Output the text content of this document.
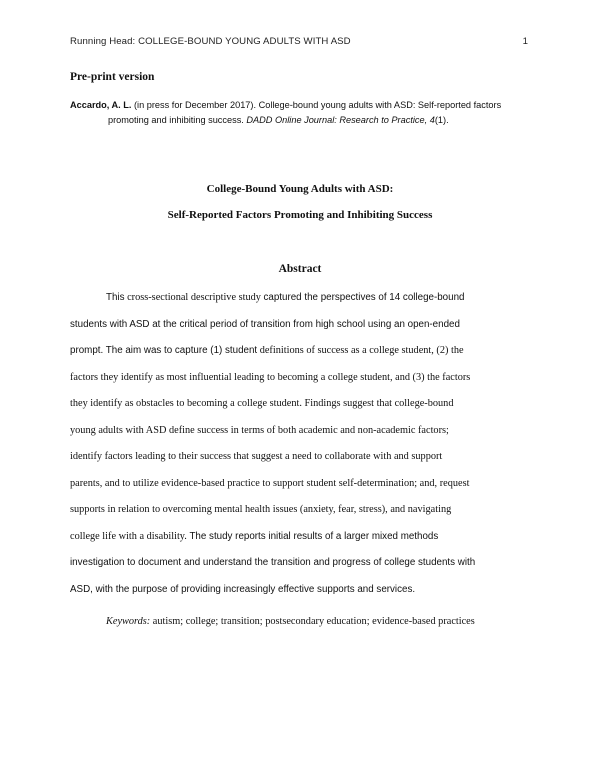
Running Head: COLLEGE-BOUND YOUNG ADULTS WITH ASD	1
Pre-print version
Accardo, A. L. (in press for December 2017). College-bound young adults with ASD: Self-reported factors
promoting and inhibiting success. DADD Online Journal: Research to Practice, 4(1).
College-Bound Young Adults with ASD:
Self-Reported Factors Promoting and Inhibiting Success
Abstract
This cross-sectional descriptive study captured the perspectives of 14 college-bound
students with ASD at the critical period of transition from high school using an open-ended
prompt. The aim was to capture (1) student definitions of success as a college student, (2) the
factors they identify as most influential leading to becoming a college student, and (3) the factors
they identify as obstacles to becoming a college student. Findings suggest that college-bound
young adults with ASD define success in terms of both academic and non-academic factors;
identify factors leading to their success that suggest a need to collaborate with and support
parents, and to utilize evidence-based practice to support student self-determination; and, request
supports in relation to overcoming mental health issues (anxiety, fear, stress), and navigating
college life with a disability. The study reports initial results of a larger mixed methods
investigation to document and understand the transition and progress of college students with
ASD, with the purpose of providing increasingly effective supports and services.
Keywords: autism; college; transition; postsecondary education; evidence-based practices
